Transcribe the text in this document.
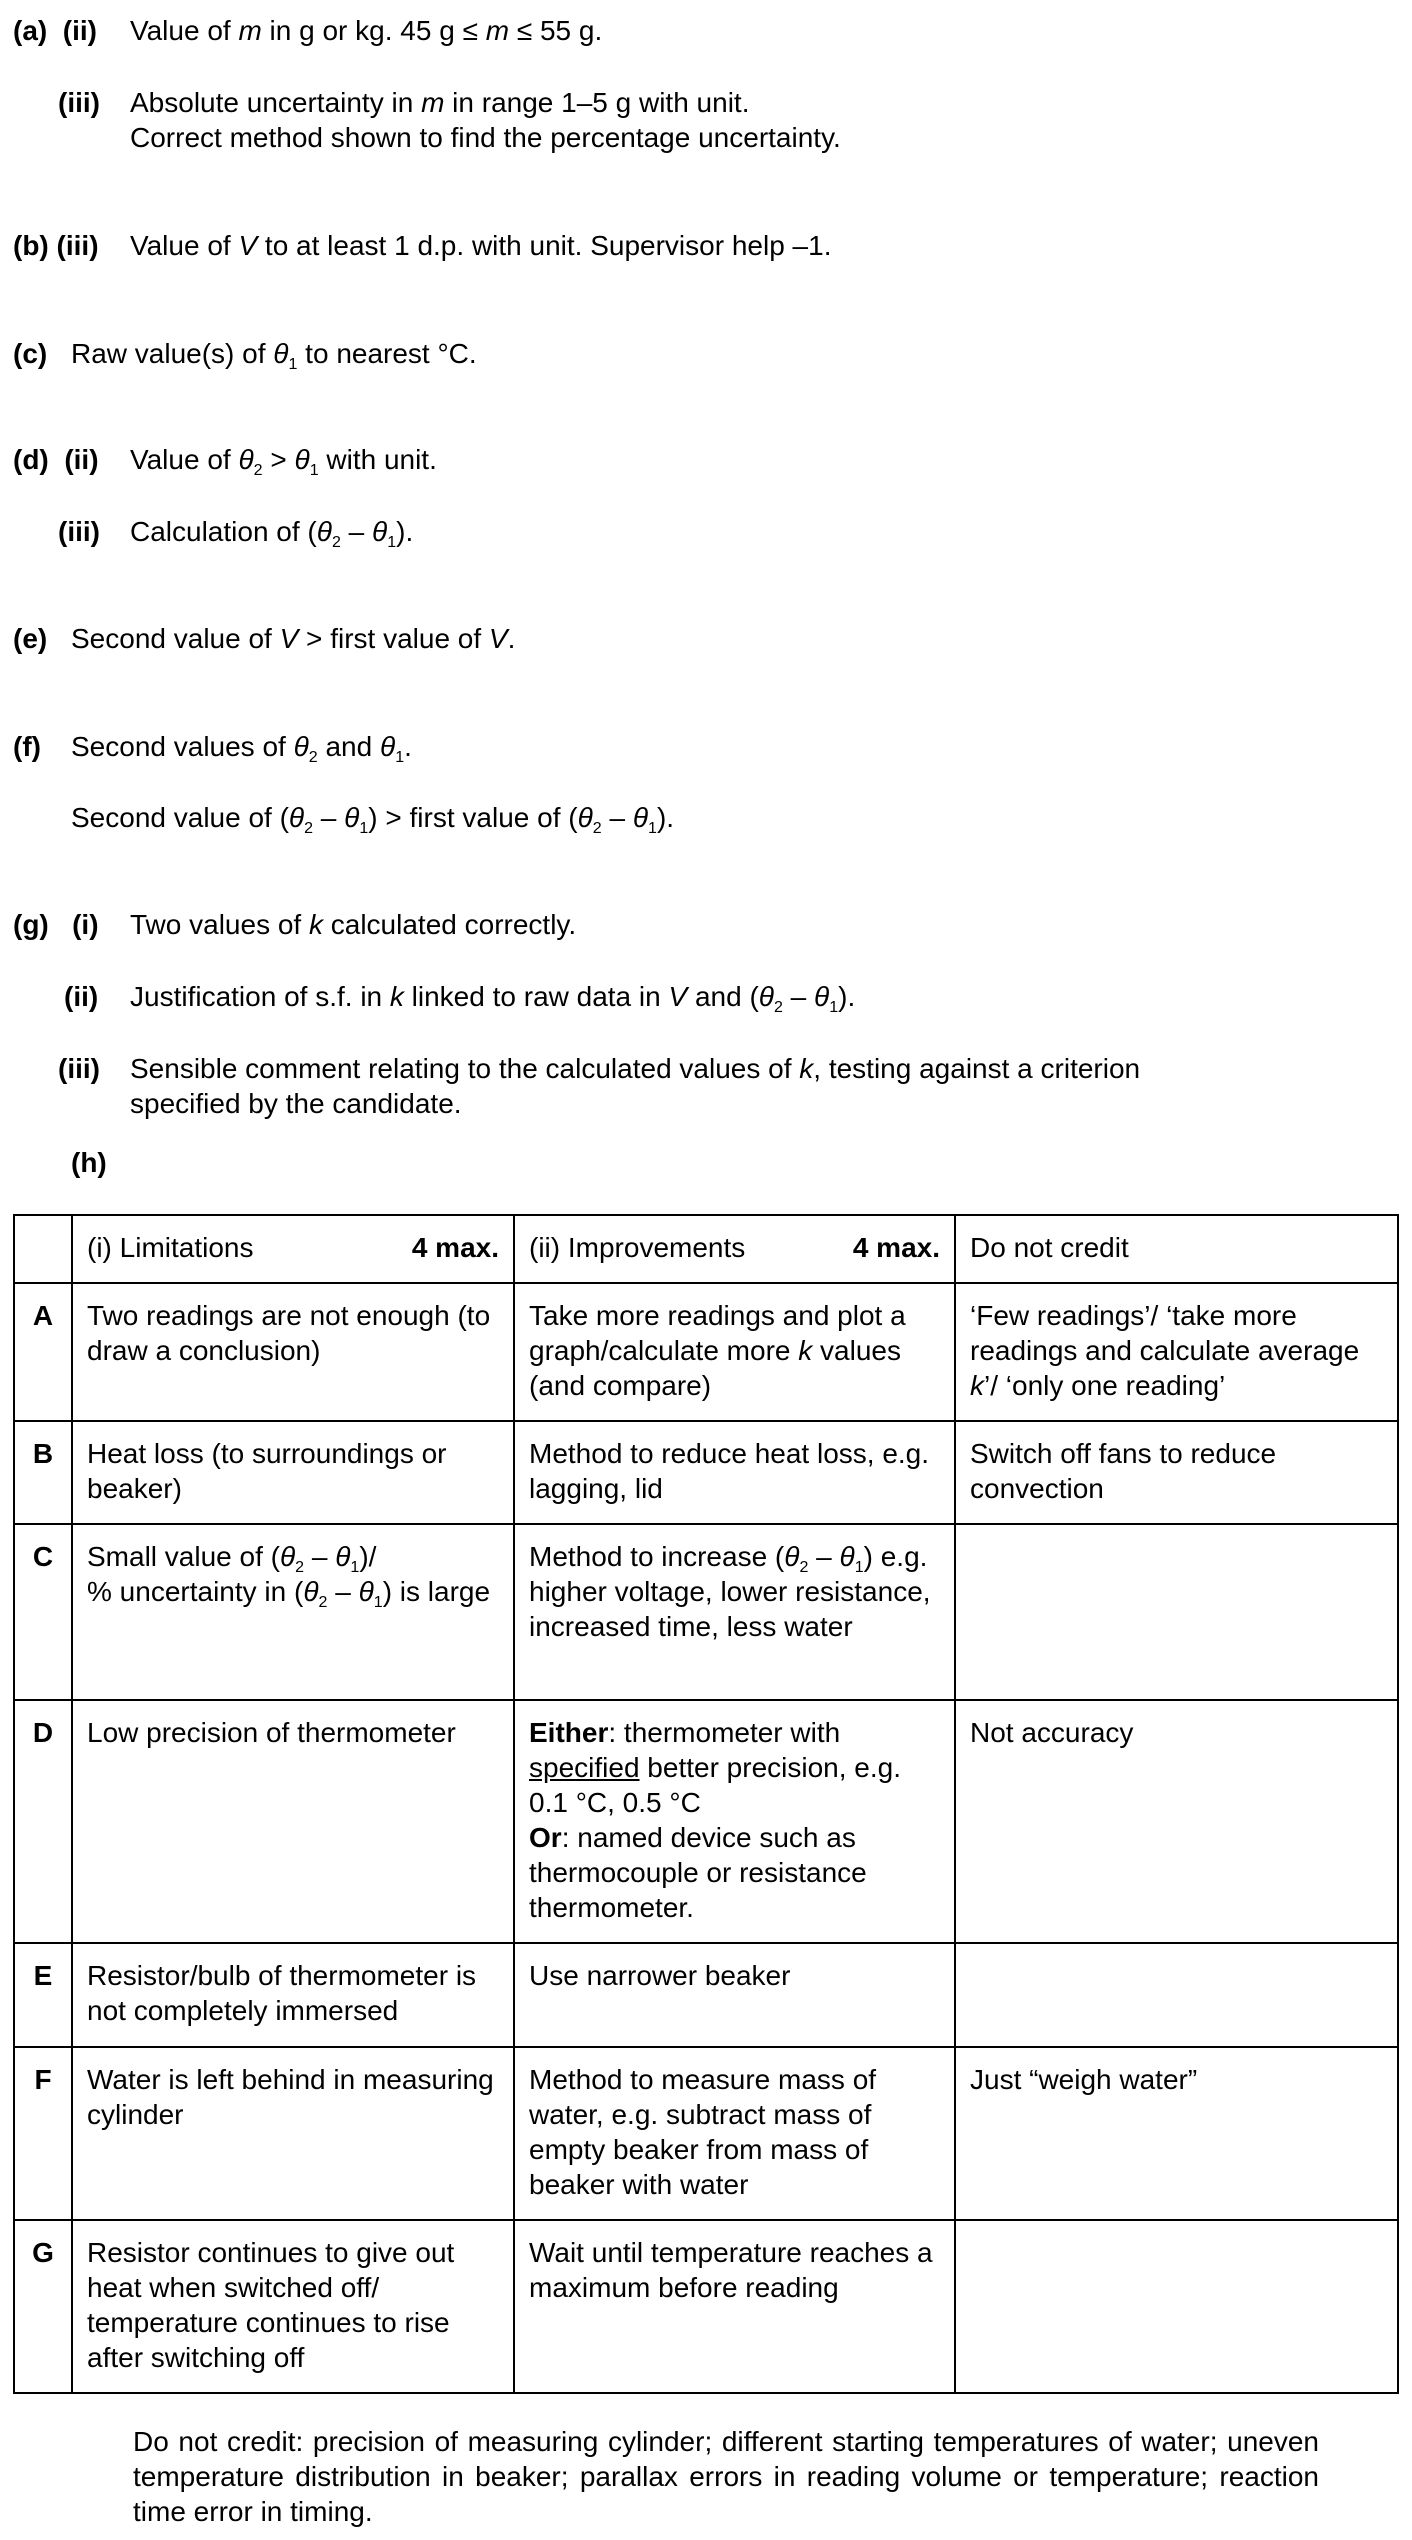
(a) (ii) Value of m in g or kg. 45 g ≤ m ≤ 55 g.
(iii) Absolute uncertainty in m in range 1–5 g with unit.
Correct method shown to find the percentage uncertainty.
(b) (iii) Value of V to at least 1 d.p. with unit. Supervisor help –1.
(c) Raw value(s) of $\theta_1$ to nearest °C.
(d) (ii) Value of $\theta_2 > \theta_1$ with unit.
(iii) Calculation of $(\theta_2 - \theta_1)$.
(e) Second value of V > first value of V.
(f) Second values of $\theta_2$ and $\theta_1$.
Second value of $(\theta_2 - \theta_1)$ > first value of $(\theta_2 - \theta_1)$.
(g) (i) Two values of k calculated correctly.
(ii) Justification of s.f. in k linked to raw data in V and $(\theta_2 - \theta_1)$.
(iii) Sensible comment relating to the calculated values of k, testing against a criterion
specified by the candidate.
(h)

	(i) Limitations 4 max.	(ii) Improvements 4 max.	Do not credit
A	Two readings are not enough (to draw a conclusion)	Take more readings and plot a graph/calculate more k values (and compare)	‘Few readings’/ ‘take more readings and calculate average k’/ ‘only one reading’
B	Heat loss (to surroundings or beaker)	Method to reduce heat loss, e.g. lagging, lid	Switch off fans to reduce convection
C	Small value of $(\theta_2 - \theta_1)/$
% uncertainty in $(\theta_2 - \theta_1)$ is large	Method to increase $(\theta_2 - \theta_1)$ e.g. higher voltage, lower resistance, increased time, less water	
D	Low precision of thermometer	Either: thermometer with specified better precision, e.g. 0.1 °C, 0.5 °C
Or: named device such as thermocouple or resistance thermometer.	Not accuracy
E	Resistor/bulb of thermometer is not completely immersed	Use narrower beaker	
F	Water is left behind in measuring cylinder	Method to measure mass of water, e.g. subtract mass of empty beaker from mass of beaker with water	Just “weigh water”
G	Resistor continues to give out heat when switched off/ temperature continues to rise after switching off	Wait until temperature reaches a maximum before reading	
Do not credit: precision of measuring cylinder; different starting temperatures of water; uneven temperature distribution in beaker; parallax errors in reading volume or temperature; reaction time error in timing.
